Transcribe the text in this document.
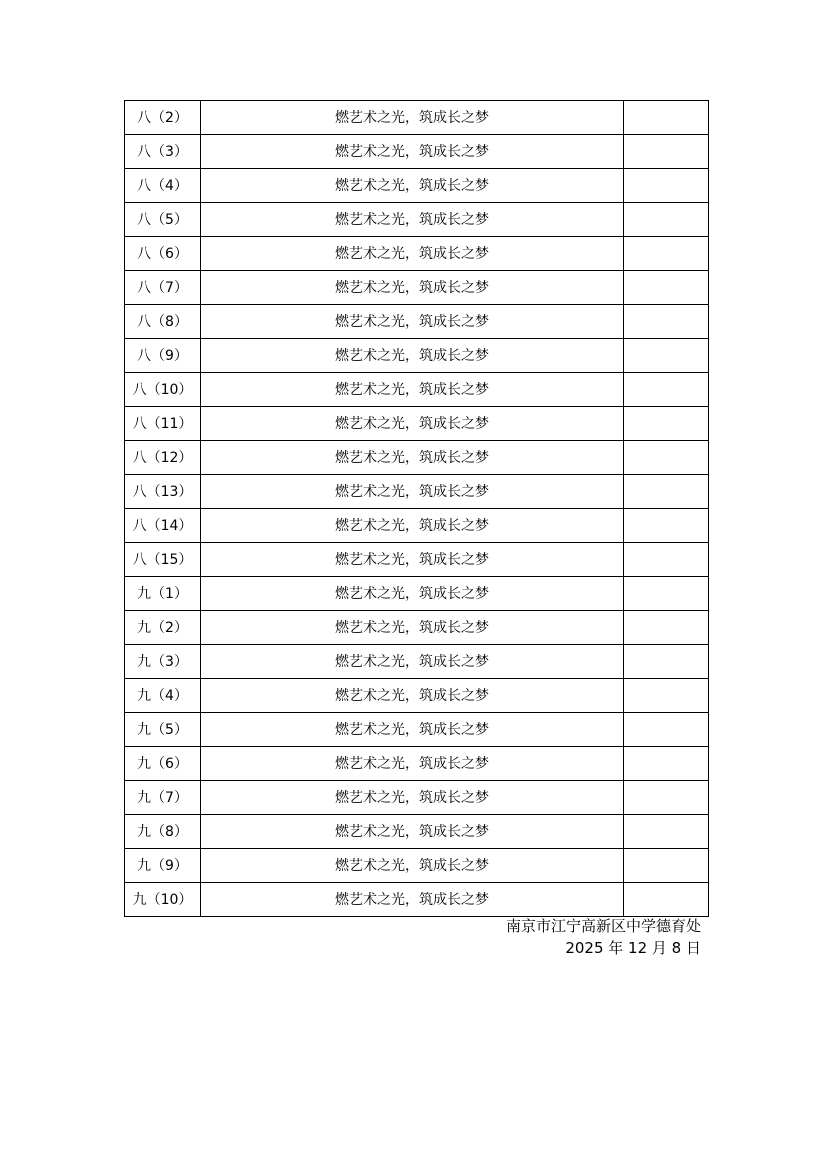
八（2）	燃艺术之光，筑成长之梦	
八（3）	燃艺术之光，筑成长之梦	
八（4）	燃艺术之光，筑成长之梦	
八（5）	燃艺术之光，筑成长之梦	
八（6）	燃艺术之光，筑成长之梦	
八（7）	燃艺术之光，筑成长之梦	
八（8）	燃艺术之光，筑成长之梦	
八（9）	燃艺术之光，筑成长之梦	
八（10）	燃艺术之光，筑成长之梦	
八（11）	燃艺术之光，筑成长之梦	
八（12）	燃艺术之光，筑成长之梦	
八（13）	燃艺术之光，筑成长之梦	
八（14）	燃艺术之光，筑成长之梦	
八（15）	燃艺术之光，筑成长之梦	
九（1）	燃艺术之光，筑成长之梦	
九（2）	燃艺术之光，筑成长之梦	
九（3）	燃艺术之光，筑成长之梦	
九（4）	燃艺术之光，筑成长之梦	
九（5）	燃艺术之光，筑成长之梦	
九（6）	燃艺术之光，筑成长之梦	
九（7）	燃艺术之光，筑成长之梦	
九（8）	燃艺术之光，筑成长之梦	
九（9）	燃艺术之光，筑成长之梦	
九（10）	燃艺术之光，筑成长之梦	
南京市江宁高新区中学德育处
2025 年 12 月 8 日
